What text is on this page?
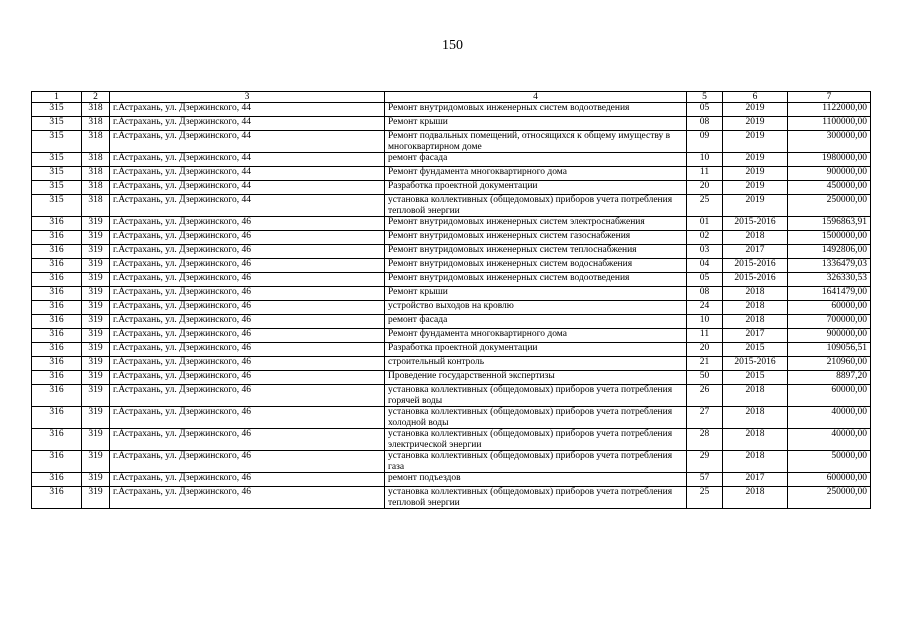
150
1	2	3	4	5	6	7
315	318	г.Астрахань, ул. Дзержинского, 44	Ремонт внутридомовых инженерных систем водоотведения	05	2019	1122000,00
315	318	г.Астрахань, ул. Дзержинского, 44	Ремонт крыши	08	2019	1100000,00
315	318	г.Астрахань, ул. Дзержинского, 44	Ремонт подвальных помещений, относящихся к общему имуществу в многоквартирном доме	09	2019	300000,00
315	318	г.Астрахань, ул. Дзержинского, 44	ремонт фасада	10	2019	1980000,00
315	318	г.Астрахань, ул. Дзержинского, 44	Ремонт фундамента многоквартирного дома	11	2019	900000,00
315	318	г.Астрахань, ул. Дзержинского, 44	Разработка проектной документации	20	2019	450000,00
315	318	г.Астрахань, ул. Дзержинского, 44	установка коллективных (общедомовых) приборов учета потребления тепловой энергии	25	2019	250000,00
316	319	г.Астрахань, ул. Дзержинского, 46	Ремонт внутридомовых инженерных систем электроснабжения	01	2015-2016	1596863,91
316	319	г.Астрахань, ул. Дзержинского, 46	Ремонт внутридомовых инженерных систем газоснабжения	02	2018	1500000,00
316	319	г.Астрахань, ул. Дзержинского, 46	Ремонт внутридомовых инженерных систем теплоснабжения	03	2017	1492806,00
316	319	г.Астрахань, ул. Дзержинского, 46	Ремонт внутридомовых инженерных систем водоснабжения	04	2015-2016	1336479,03
316	319	г.Астрахань, ул. Дзержинского, 46	Ремонт внутридомовых инженерных систем водоотведения	05	2015-2016	326330,53
316	319	г.Астрахань, ул. Дзержинского, 46	Ремонт крыши	08	2018	1641479,00
316	319	г.Астрахань, ул. Дзержинского, 46	устройство выходов на кровлю	24	2018	60000,00
316	319	г.Астрахань, ул. Дзержинского, 46	ремонт фасада	10	2018	700000,00
316	319	г.Астрахань, ул. Дзержинского, 46	Ремонт фундамента многоквартирного дома	11	2017	900000,00
316	319	г.Астрахань, ул. Дзержинского, 46	Разработка проектной документации	20	2015	109056,51
316	319	г.Астрахань, ул. Дзержинского, 46	строительный контроль	21	2015-2016	210960,00
316	319	г.Астрахань, ул. Дзержинского, 46	Проведение государственной экспертизы	50	2015	8897,20
316	319	г.Астрахань, ул. Дзержинского, 46	установка коллективных (общедомовых) приборов учета потребления горячей воды	26	2018	60000,00
316	319	г.Астрахань, ул. Дзержинского, 46	установка коллективных (общедомовых) приборов учета потребления холодной воды	27	2018	40000,00
316	319	г.Астрахань, ул. Дзержинского, 46	установка коллективных (общедомовых) приборов учета потребления электрической энергии	28	2018	40000,00
316	319	г.Астрахань, ул. Дзержинского, 46	установка коллективных (общедомовых) приборов учета потребления газа	29	2018	50000,00
316	319	г.Астрахань, ул. Дзержинского, 46	ремонт подъездов	57	2017	600000,00
316	319	г.Астрахань, ул. Дзержинского, 46	установка коллективных (общедомовых) приборов учета потребления тепловой энергии	25	2018	250000,00
